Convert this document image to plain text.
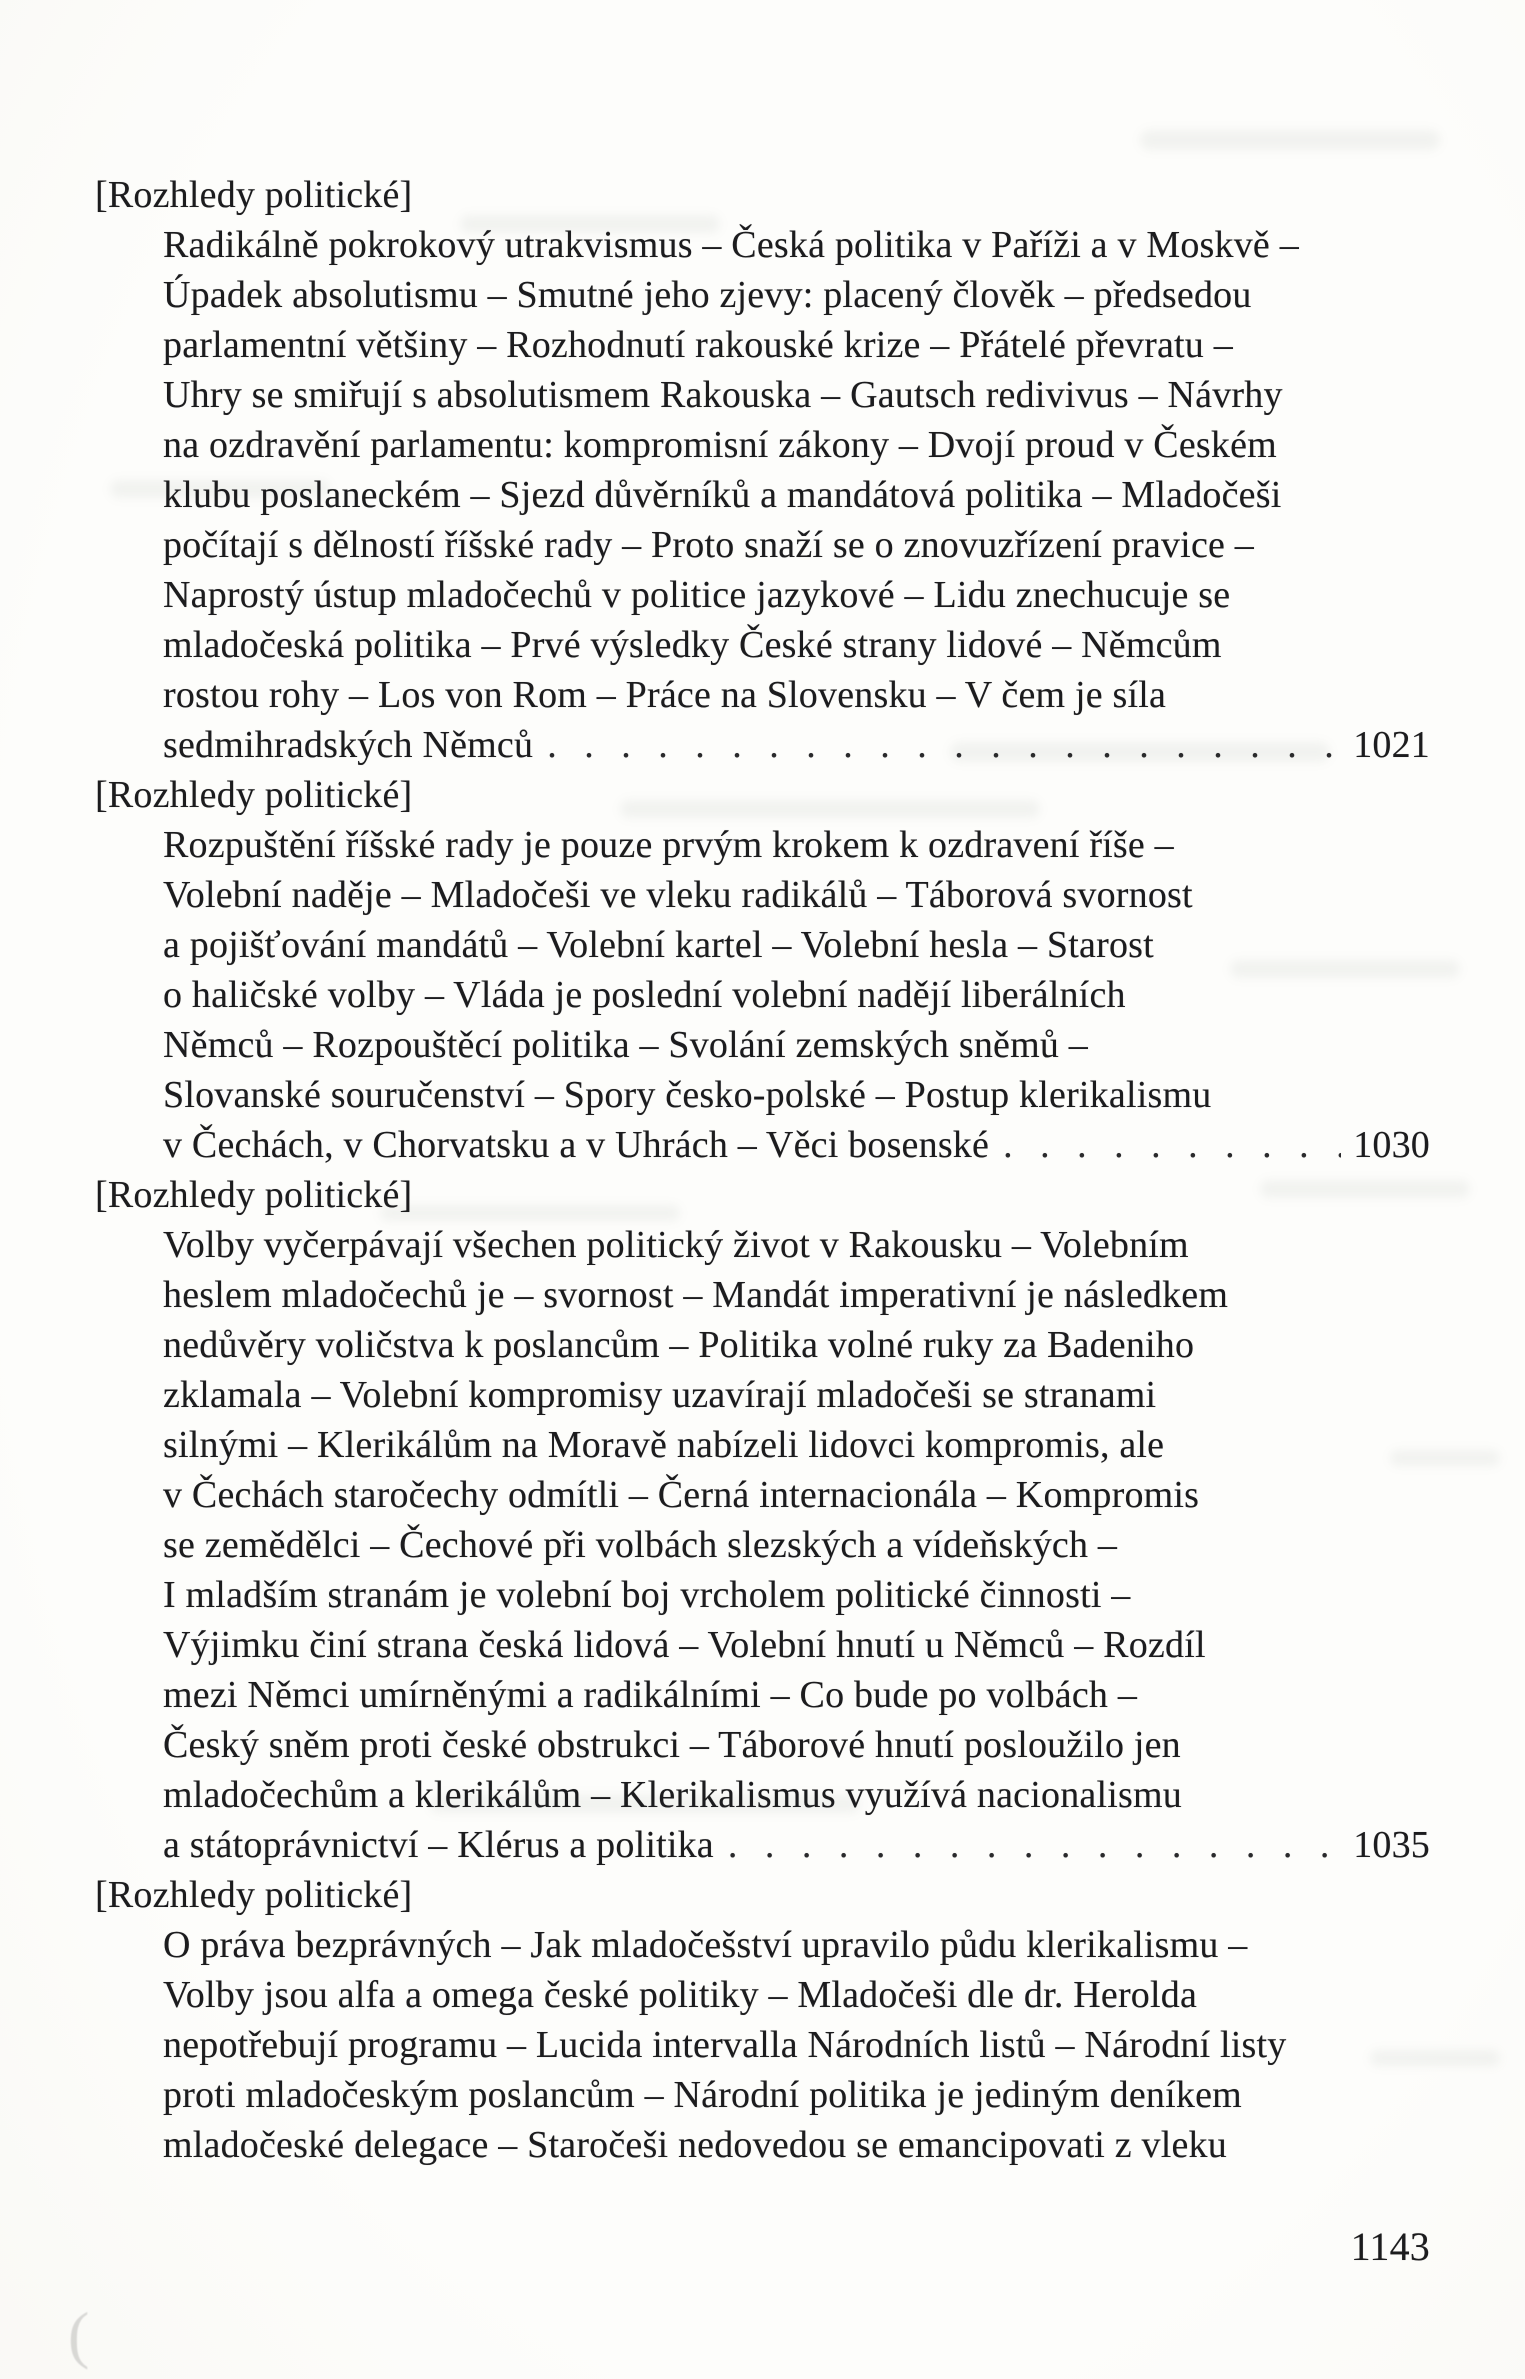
[Rozhledy politické]
Radikálně pokrokový utrakvismus – Česká politika v Paříži a v Moskvě –
Úpadek absolutismu – Smutné jeho zjevy: placený člověk – předsedou
parlamentní většiny – Rozhodnutí rakouské krize – Přátelé převratu –
Uhry se smiřují s absolutismem Rakouska – Gautsch redivivus – Návrhy
na ozdravění parlamentu: kompromisní zákony – Dvojí proud v Českém
klubu poslaneckém – Sjezd důvěrníků a mandátová politika – Mladočeši
počítají s dělností říšské rady – Proto snaží se o znovuzřízení pravice –
Naprostý ústup mladočechů v politice jazykové – Lidu znechucuje se
mladočeská politika – Prvé výsledky České strany lidové – Němcům
rostou rohy – Los von Rom – Práce na Slovensku – V čem je síla
sedmihradských Němců . . .	1021
[Rozhledy politické]
Rozpuštění říšské rady je pouze prvým krokem k ozdravení říše –
Volební naděje – Mladočeši ve vleku radikálů – Táborová svornost
a pojišťování mandátů – Volební kartel – Volební hesla – Starost
o haličské volby – Vláda je poslední volební nadějí liberálních
Němců – Rozpouštěcí politika – Svolání zemských sněmů –
Slovanské souručenství – Spory česko-polské – Postup klerikalismu
v Čechách, v Chorvatsku a v Uhrách – Věci bosenské . . .	1030
[Rozhledy politické]
Volby vyčerpávají všechen politický život v Rakousku – Volebním
heslem mladočechů je – svornost – Mandát imperativní je následkem
nedůvěry voličstva k poslancům – Politika volné ruky za Badeniho
zklamala – Volební kompromisy uzavírají mladočeši se stranami
silnými – Klerikálům na Moravě nabízeli lidovci kompromis, ale
v Čechách staročechy odmítli – Černá internacionála – Kompromis
se zemědělci – Čechové při volbách slezských a vídeňských –
I mladším stranám je volební boj vrcholem politické činnosti –
Výjimku činí strana česká lidová – Volební hnutí u Němců – Rozdíl
mezi Němci umírněnými a radikálními – Co bude po volbách –
Český sněm proti české obstrukci – Táborové hnutí posloužilo jen
mladočechům a klerikálům – Klerikalismus využívá nacionalismu
a státoprávnictví – Klérus a politika . . .	1035
[Rozhledy politické]
O práva bezprávných – Jak mladočešství upravilo půdu klerikalismu –
Volby jsou alfa a omega české politiky – Mladočeši dle dr. Herolda
nepotřebují programu – Lucida intervalla Národních listů – Národní listy
proti mladočeským poslancům – Národní politika je jediným deníkem
mladočeské delegace – Staročeši nedovedou se emancipovati z vleku
1143
(
